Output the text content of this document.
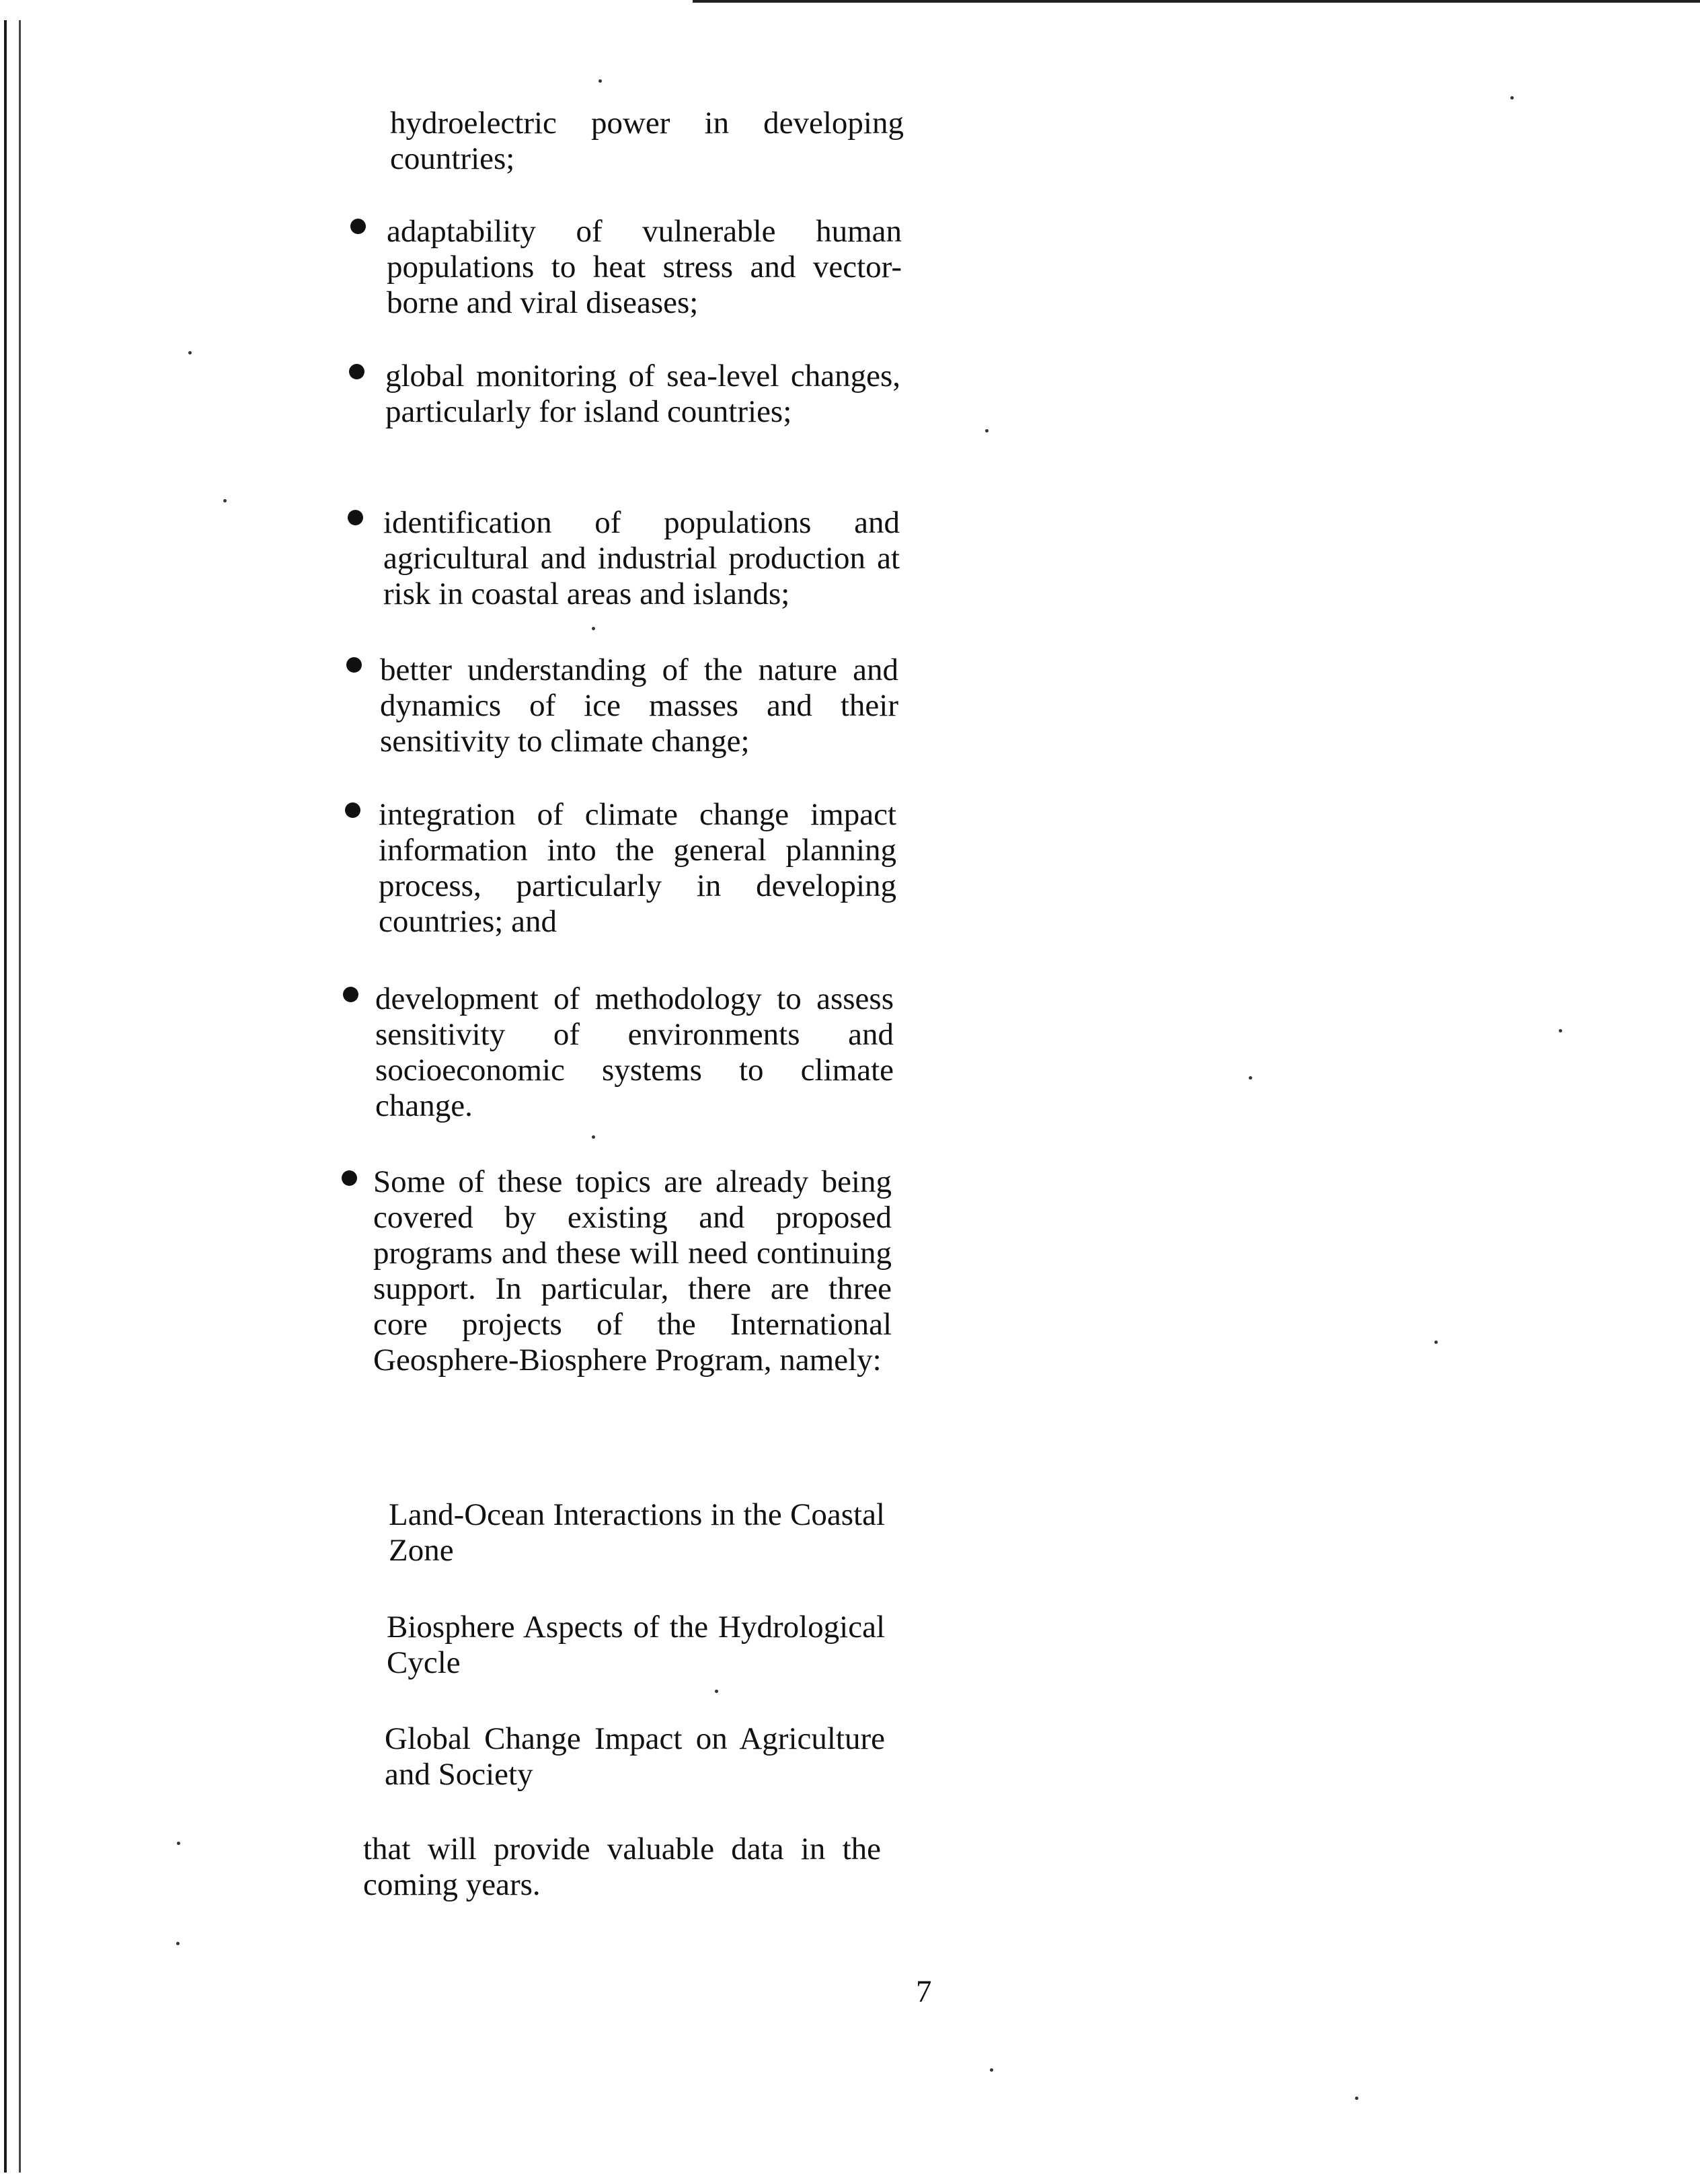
hydroelectric power in developing countries;

adaptability of vulnerable human populations to heat stress and vector-borne and viral diseases;

global monitoring of sea-level changes, particularly for island countries;

identification of populations and agricultural and industrial production at risk in coastal areas and islands;

better understanding of the nature and dynamics of ice masses and their sensitivity to climate change;

integration of climate change impact information into the general planning process, particularly in developing countries; and

development of methodology to assess sensitivity of environments and socioeconomic systems to climate change.

Some of these topics are already being covered by existing and proposed programs and these will need continuing support. In particular, there are three core projects of the International Geosphere-Biosphere Program, namely:

Land-Ocean Interactions in the Coastal Zone

Biosphere Aspects of the Hydrological Cycle

Global Change Impact on Agriculture and Society

that will provide valuable data in the coming years.

7
